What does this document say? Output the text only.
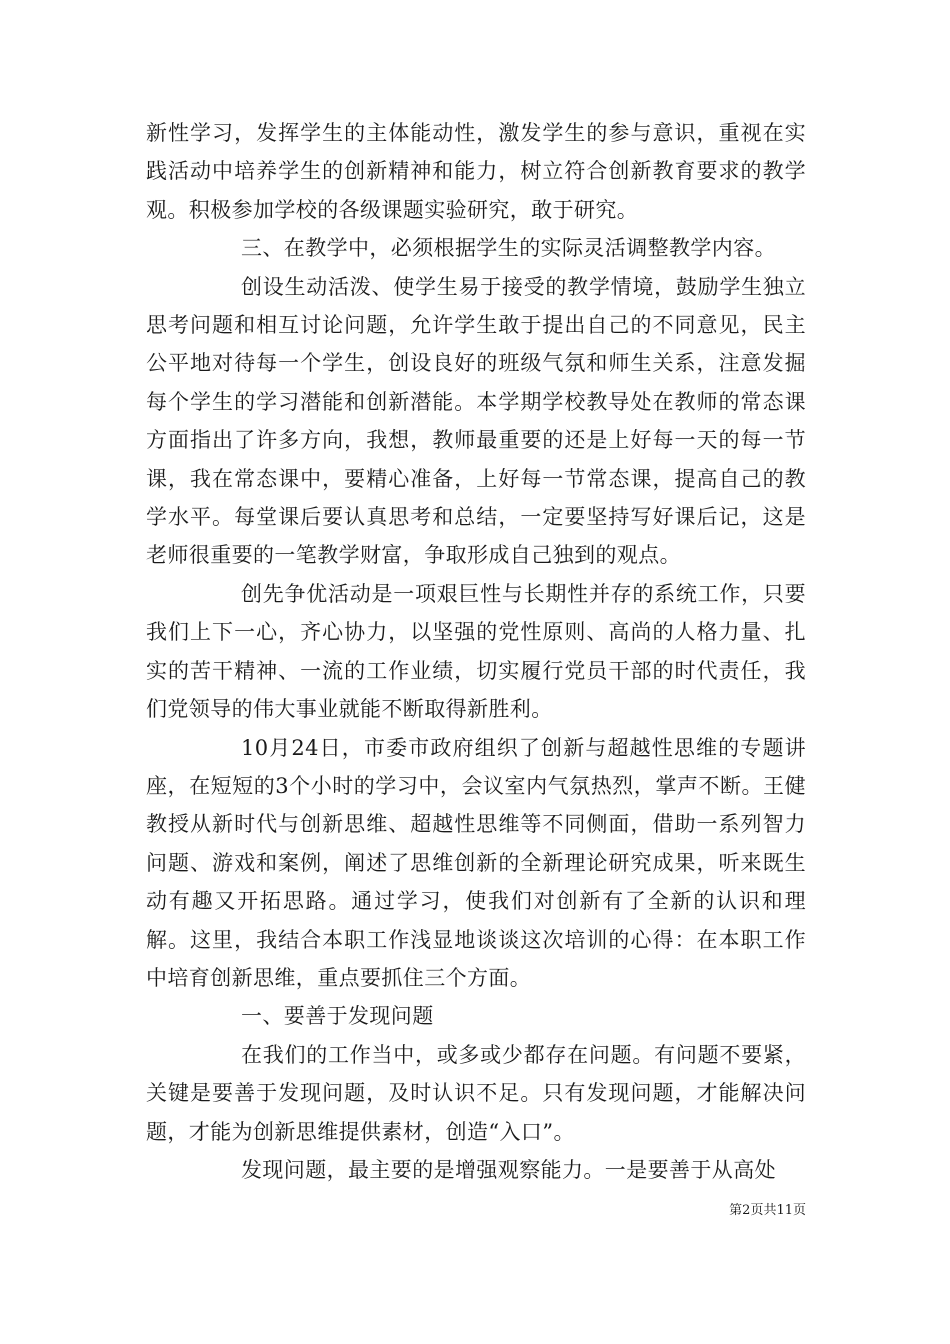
新性学习，发挥学生的主体能动性，激发学生的参与意识，重视在实践活动中培养学生的创新精神和能力，树立符合创新教育要求的教学观。积极参加学校的各级课题实验研究，敢于研究。

三、在教学中，必须根据学生的实际灵活调整教学内容。

创设生动活泼、使学生易于接受的教学情境，鼓励学生独立思考问题和相互讨论问题，允许学生敢于提出自己的不同意见，民主公平地对待每一个学生，创设良好的班级气氛和师生关系，注意发掘每个学生的学习潜能和创新潜能。本学期学校教导处在教师的常态课方面指出了许多方向，我想，教师最重要的还是上好每一天的每一节课，我在常态课中，要精心准备，上好每一节常态课，提高自己的教学水平。每堂课后要认真思考和总结，一定要坚持写好课后记，这是老师很重要的一笔教学财富，争取形成自己独到的观点。

创先争优活动是一项艰巨性与长期性并存的系统工作，只要我们上下一心，齐心协力，以坚强的党性原则、高尚的人格力量、扎实的苦干精神、一流的工作业绩，切实履行党员干部的时代责任，我们党领导的伟大事业就能不断取得新胜利。

10月24日，市委市政府组织了创新与超越性思维的专题讲座，在短短的3个小时的学习中，会议室内气氛热烈，掌声不断。王健教授从新时代与创新思维、超越性思维等不同侧面，借助一系列智力问题、游戏和案例，阐述了思维创新的全新理论研究成果，听来既生动有趣又开拓思路。通过学习，使我们对创新有了全新的认识和理解。这里，我结合本职工作浅显地谈谈这次培训的心得：在本职工作中培育创新思维，重点要抓住三个方面。

一、要善于发现问题

在我们的工作当中，或多或少都存在问题。有问题不要紧，关键是要善于发现问题，及时认识不足。只有发现问题，才能解决问题，才能为创新思维提供素材，创造“入口”。

发现问题，最主要的是增强观察能力。一是要善于从高处

第2页共11页
